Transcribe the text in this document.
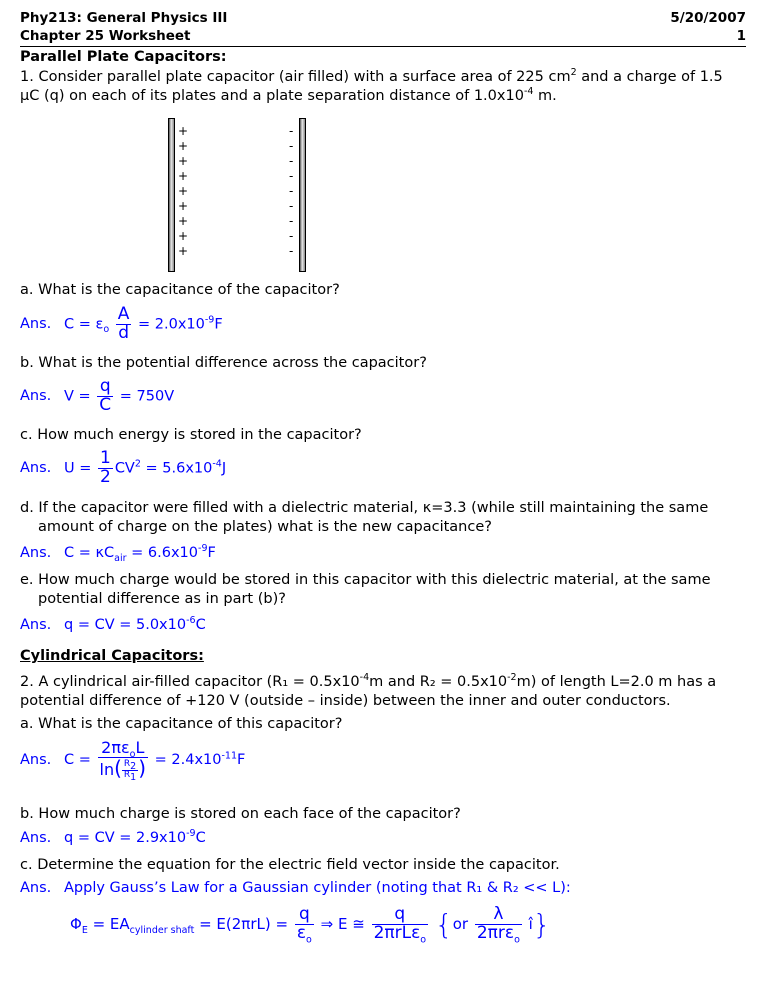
Phy213: General Physics III	5/20/2007
Chapter 25 Worksheet	1
Parallel Plate Capacitors:
1. Consider parallel plate capacitor (air filled) with a surface area of 225 $cm^2$ and a charge of 1.5
μC (q) on each of its plates and a plate separation distance of $1.0x10^{-4}$ m.
+
+
+
+
+
+
+
+
+
-
-
-
-
-
-
-
-
-
a. What is the capacitance of the capacitor?
Ans. $C = \varepsilon_o \frac{A}{d} = 2.0x10^{-9}F$
b. What is the potential difference across the capacitor?
Ans. $V = \frac{q}{C} = 750V$
c. How much energy is stored in the capacitor?
Ans. $U = \frac{1}{2} CV^2 = 5.6x10^{-4}J$
d. If the capacitor were filled with a dielectric material, κ=3.3 (while still maintaining the same
amount of charge on the plates) what is the new capacitance?
Ans. $C = \kappa C_{air} = 6.6x10^{-9}F$
e. How much charge would be stored in this capacitor with this dielectric material, at the same
potential difference as in part (b)?
Ans. q = CV = $5.0x10^{-6}C$
Cylindrical Capacitors:
2. A cylindrical air-filled capacitor ($R_1 = 0.5x10^{-4}m$ and $R_2 = 0.5x10^{-2}m$) of length L=2.0 m has a
potential difference of +120 V (outside – inside) between the inner and outer conductors.
a. What is the capacitance of this capacitor?
Ans. $C = \frac{2\pi\varepsilon_oL}{\ln( \frac{R_2}{R_1} )} = 2.4x10^{-11}F$
b. How much charge is stored on each face of the capacitor?
Ans. q = CV = $2.9x10^{-9}C$
c. Determine the equation for the electric field vector inside the capacitor.
Ans. Apply Gauss’s Law for a Gaussian cylinder (noting that R₁ & R₂ << L):
$\Phi_E = EA_{cylinder shaft} = E(2\pi rL) = \frac{q}{\varepsilon_o}$ ⇒ E ≅ $\frac{q}{2\pi rL\varepsilon_o} \{or \frac{\lambda}{2\pi r\varepsilon_o}$ î}
